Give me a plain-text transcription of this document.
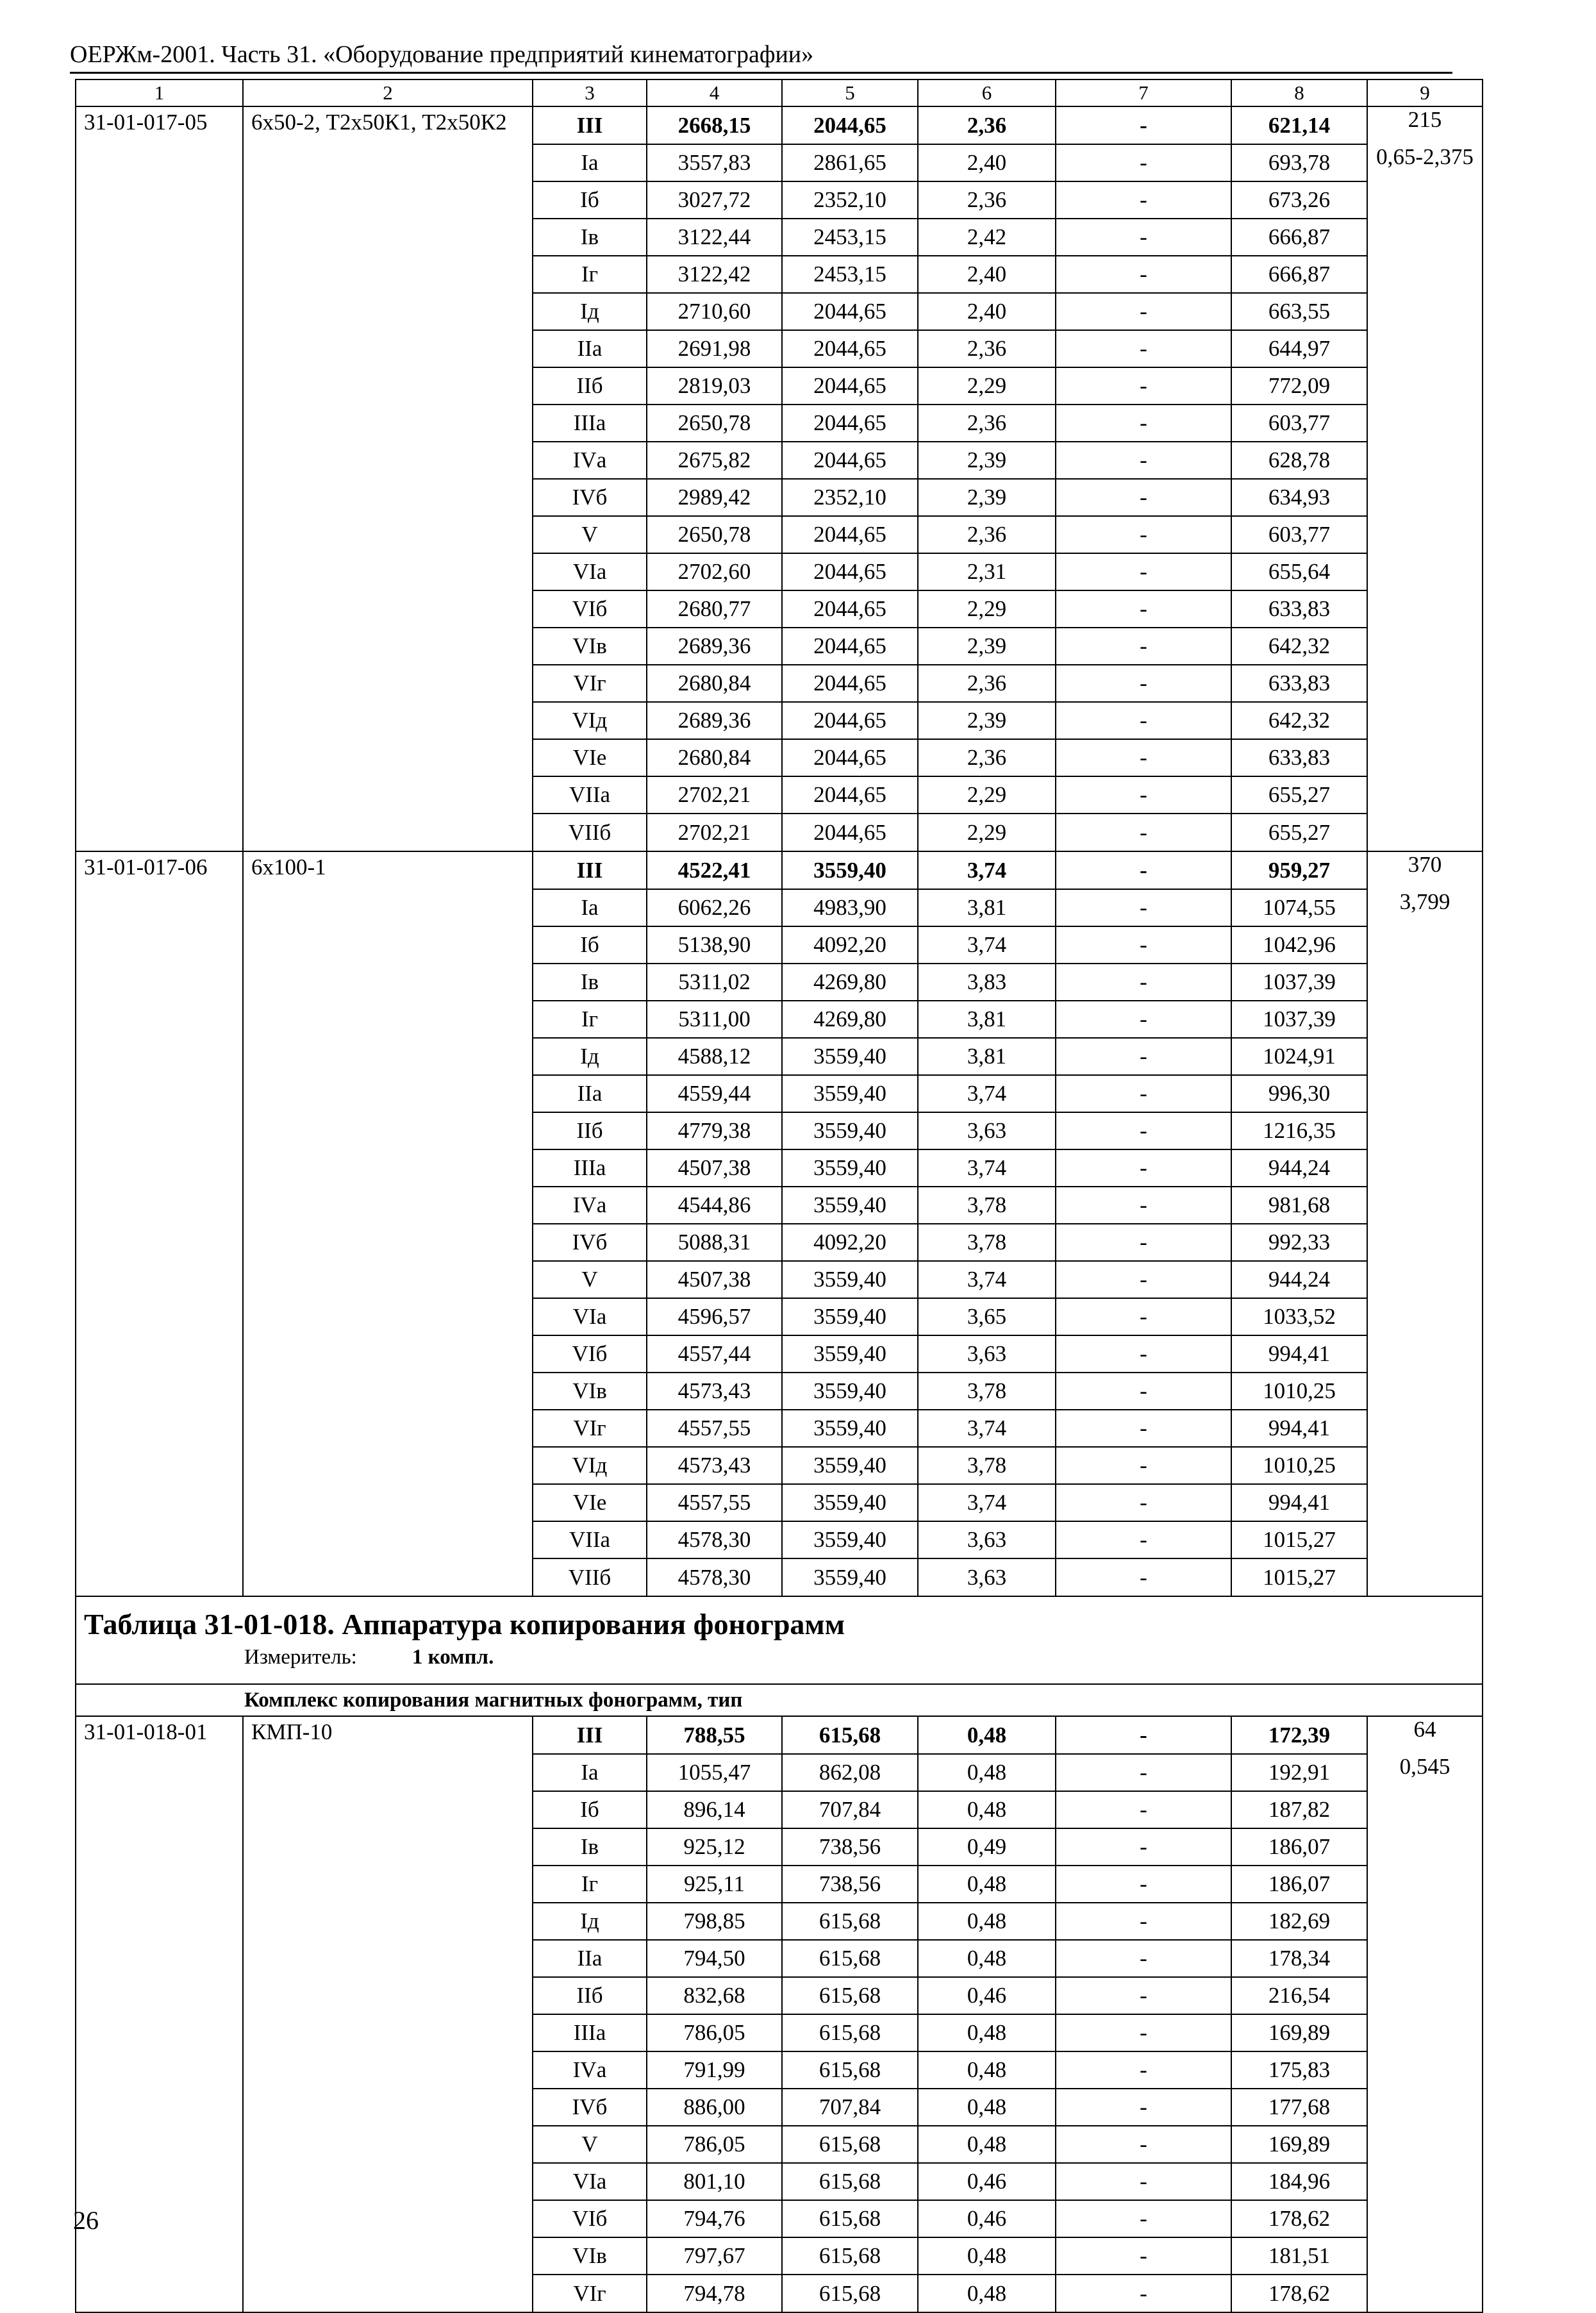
ОЕРЖм-2001. Часть 31. «Оборудование предприятий кинематографии»
1	2	3	4	5	6	7	8	9
31-01-017-05	6х50-2, Т2х50К1, Т2х50К2	III	2668,15	2044,65	2,36	-	621,14	215
		Iа	3557,83	2861,65	2,40	-	693,78	0,65-2,375
		Iб	3027,72	2352,10	2,36	-	673,26	
		Iв	3122,44	2453,15	2,42	-	666,87	
		Iг	3122,42	2453,15	2,40	-	666,87	
		Iд	2710,60	2044,65	2,40	-	663,55	
		IIа	2691,98	2044,65	2,36	-	644,97	
		IIб	2819,03	2044,65	2,29	-	772,09	
		IIIа	2650,78	2044,65	2,36	-	603,77	
		IVа	2675,82	2044,65	2,39	-	628,78	
		IVб	2989,42	2352,10	2,39	-	634,93	
		V	2650,78	2044,65	2,36	-	603,77	
		VIа	2702,60	2044,65	2,31	-	655,64	
		VIб	2680,77	2044,65	2,29	-	633,83	
		VIв	2689,36	2044,65	2,39	-	642,32	
		VIг	2680,84	2044,65	2,36	-	633,83	
		VIд	2689,36	2044,65	2,39	-	642,32	
		VIе	2680,84	2044,65	2,36	-	633,83	
		VIIа	2702,21	2044,65	2,29	-	655,27	
		VIIб	2702,21	2044,65	2,29	-	655,27	
31-01-017-06	6х100-1	III	4522,41	3559,40	3,74	-	959,27	370
		Iа	6062,26	4983,90	3,81	-	1074,55	3,799
		Iб	5138,90	4092,20	3,74	-	1042,96	
		Iв	5311,02	4269,80	3,83	-	1037,39	
		Iг	5311,00	4269,80	3,81	-	1037,39	
		Iд	4588,12	3559,40	3,81	-	1024,91	
		IIа	4559,44	3559,40	3,74	-	996,30	
		IIб	4779,38	3559,40	3,63	-	1216,35	
		IIIа	4507,38	3559,40	3,74	-	944,24	
		IVа	4544,86	3559,40	3,78	-	981,68	
		IVб	5088,31	4092,20	3,78	-	992,33	
		V	4507,38	3559,40	3,74	-	944,24	
		VIа	4596,57	3559,40	3,65	-	1033,52	
		VIб	4557,44	3559,40	3,63	-	994,41	
		VIв	4573,43	3559,40	3,78	-	1010,25	
		VIг	4557,55	3559,40	3,74	-	994,41	
		VIд	4573,43	3559,40	3,78	-	1010,25	
		VIе	4557,55	3559,40	3,74	-	994,41	
		VIIа	4578,30	3559,40	3,63	-	1015,27	
		VIIб	4578,30	3559,40	3,63	-	1015,27	

Таблица 31-01-018. Аппаратура копирования фонограмм
Измеритель: 1 компл.								

Комплекс копирования магнитных фонограмм, тип								
31-01-018-01	КМП-10	III	788,55	615,68	0,48	-	172,39	64
		Iа	1055,47	862,08	0,48	-	192,91	0,545
		Iб	896,14	707,84	0,48	-	187,82	
		Iв	925,12	738,56	0,49	-	186,07	
		Iг	925,11	738,56	0,48	-	186,07	
		Iд	798,85	615,68	0,48	-	182,69	
		IIа	794,50	615,68	0,48	-	178,34	
		IIб	832,68	615,68	0,46	-	216,54	
		IIIа	786,05	615,68	0,48	-	169,89	
		IVа	791,99	615,68	0,48	-	175,83	
		IVб	886,00	707,84	0,48	-	177,68	
		V	786,05	615,68	0,48	-	169,89	
		VIа	801,10	615,68	0,46	-	184,96	
		VIб	794,76	615,68	0,46	-	178,62	
		VIв	797,67	615,68	0,48	-	181,51	
		VIг	794,78	615,68	0,48	-	178,62	
26
